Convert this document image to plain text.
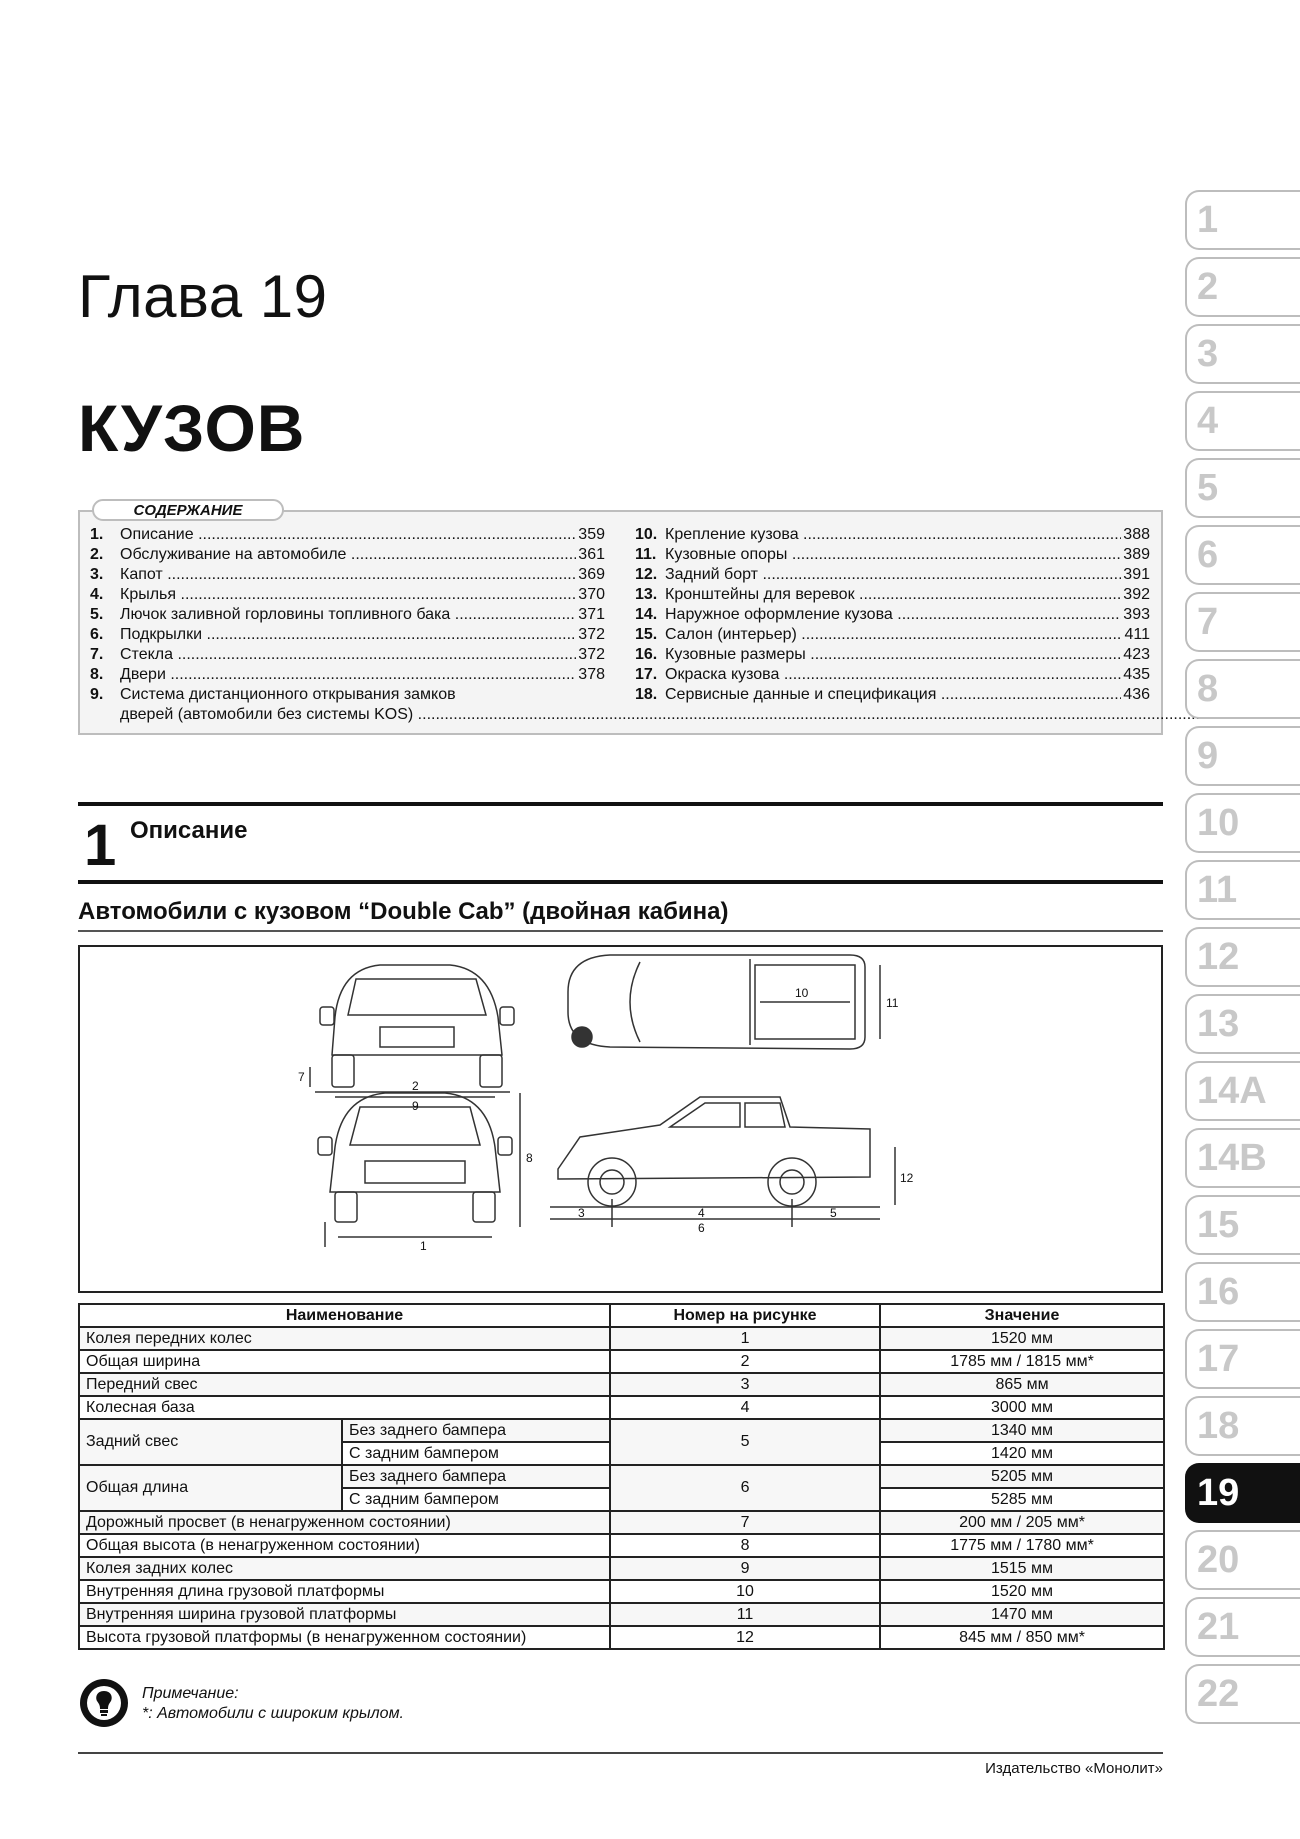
Глава 19
КУЗОВ
СОДЕРЖАНИЕ
1.	Описание .....	359
2.	Обслуживание на автомобиле .....	361
3.	Капот .....	369
4.	Крылья .....	370
5.	Лючок заливной горловины топливного бака .....	371
6.	Подкрылки .....	372
7.	Стекла .....	372
8.	Двери .....	378
9.	Система дистанционного открывания замков
дверей (автомобили без системы KOS) .....
10. Крепление кузова .....	388
11. Кузовные опоры .....	389
12. Задний борт .....	391
13. Кронштейны для веревок .....	392
14. Наружное оформление кузова .....	393
15. Салон (интерьер) .....	411
16. Кузовные размеры .....	423
17. Окраска кузова .....	435
18. Сервисные данные и спецификация .....	436
1 Описание
Автомобили с кузовом “Double Cab” (двойная кабина)
1
2
3	4	5
6
7
8
9
10
11
12
Наименование		Номер на рисунке	Значение
Колея передних колес		1	1520 мм
Общая ширина		2	1785 мм / 1815 мм*
Передний свес		3	865 мм
Колесная база		4	3000 мм
Задний свес	Без заднего бампера	5	1340 мм
	С задним бампером		1420 мм
Общая длина	Без заднего бампера	6	5205 мм
	С задним бампером		5285 мм
Дорожный просвет (в ненагруженном состоянии)		7	200 мм / 205 мм*
Общая высота (в ненагруженном состоянии)		8	1775 мм / 1780 мм*
Колея задних колес		9	1515 мм
Внутренняя длина грузовой платформы		10	1520 мм
Внутренняя ширина грузовой платформы		11	1470 мм
Высота грузовой платформы (в ненагруженном состоянии)		12	845 мм / 850 мм*
Примечание:
*: Автомобили с широким крылом.
Издательство «Монолит»
1
2
3
4
5
6
7
8
9
10
11
12
13
14A
14B
15
16
17
18
19
20
21
22
